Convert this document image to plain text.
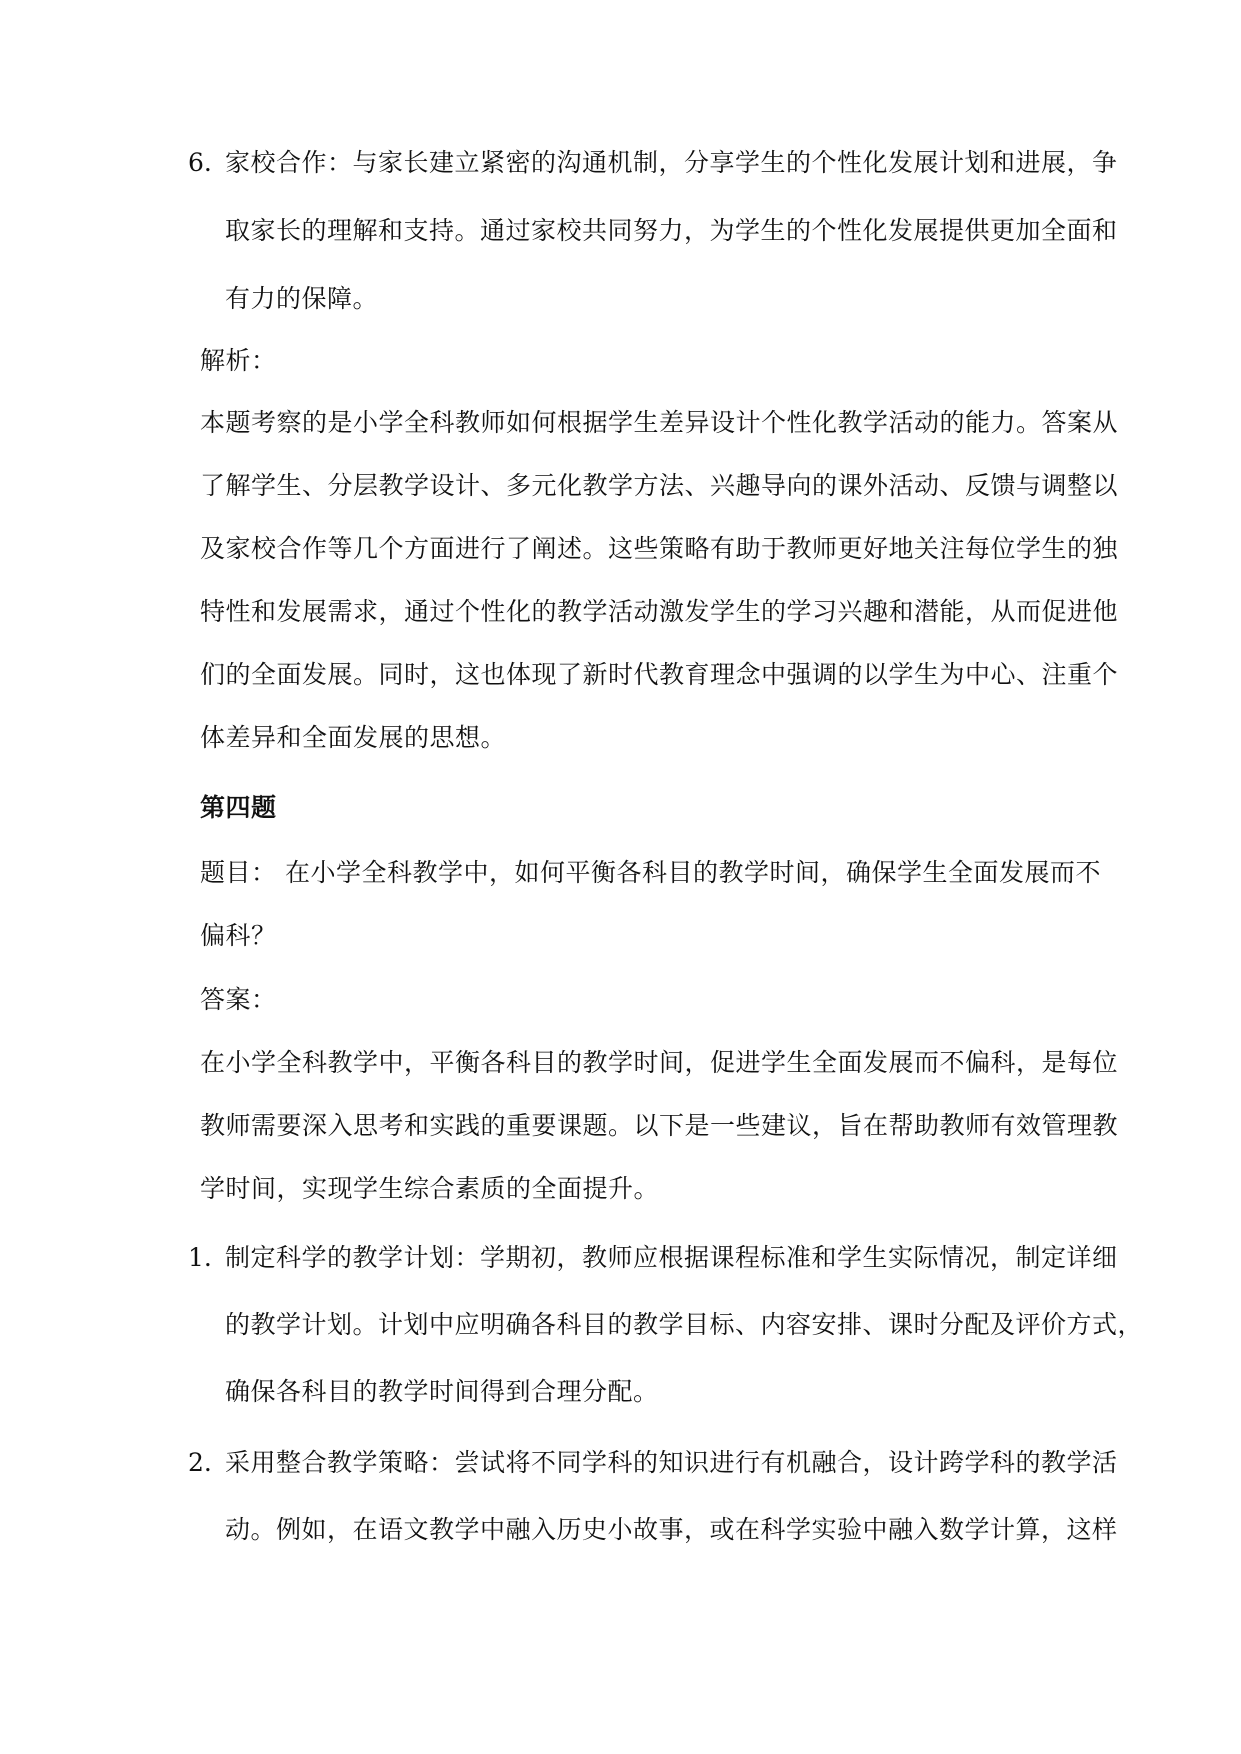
6. 家校合作：与家长建立紧密的沟通机制，分享学生的个性化发展计划和进展，争
取家长的理解和支持。通过家校共同努力，为学生的个性化发展提供更加全面和
有力的保障。
解析：
本题考察的是小学全科教师如何根据学生差异设计个性化教学活动的能力。答案从
了解学生、分层教学设计、多元化教学方法、兴趣导向的课外活动、反馈与调整以
及家校合作等几个方面进行了阐述。这些策略有助于教师更好地关注每位学生的独
特性和发展需求，通过个性化的教学活动激发学生的学习兴趣和潜能，从而促进他
们的全面发展。同时，这也体现了新时代教育理念中强调的以学生为中心、注重个
体差异和全面发展的思想。
第四题
题目： 在小学全科教学中，如何平衡各科目的教学时间，确保学生全面发展而不
偏科？
答案：
在小学全科教学中，平衡各科目的教学时间，促进学生全面发展而不偏科，是每位
教师需要深入思考和实践的重要课题。以下是一些建议，旨在帮助教师有效管理教
学时间，实现学生综合素质的全面提升。
1. 制定科学的教学计划：学期初，教师应根据课程标准和学生实际情况，制定详细
的教学计划。计划中应明确各科目的教学目标、内容安排、课时分配及评价方式，
确保各科目的教学时间得到合理分配。
2. 采用整合教学策略：尝试将不同学科的知识进行有机融合，设计跨学科的教学活
动。例如，在语文教学中融入历史小故事，或在科学实验中融入数学计算，这样
